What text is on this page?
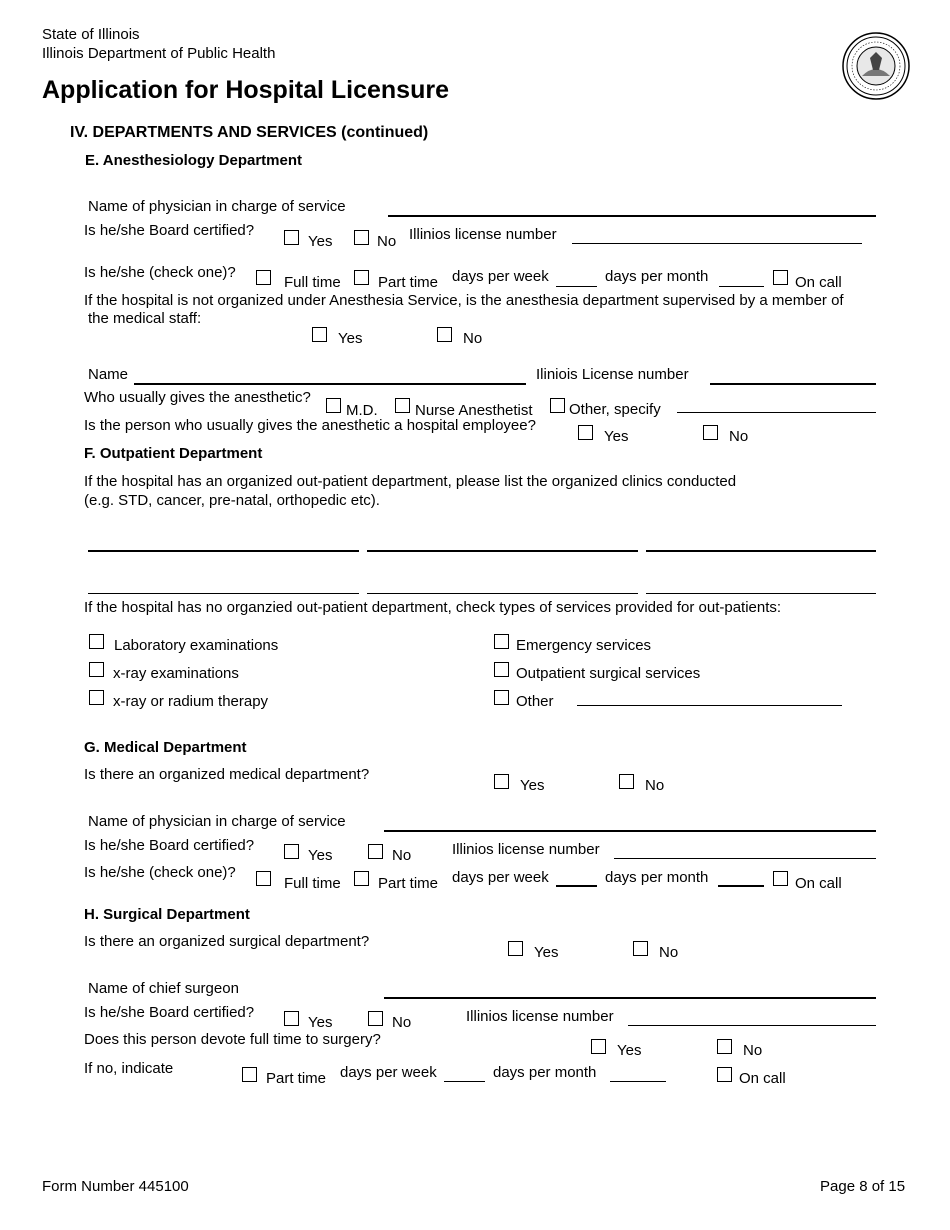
State of Illinois
Illinois Department of Public Health
Application for Hospital Licensure
IV. DEPARTMENTS AND SERVICES (continued)
E. Anesthesiology Department
Name of physician in charge of service
Is he/she Board certified?
Yes	No Illinios license number
Is he/she (check one)?
Full time Part time days per week	days per month	On call
If the hospital is not organized under Anesthesia Service, is the anesthesia department supervised by a member of
the medical staff:
Yes	No
Name	Iliniois License number
Who usually gives the anesthetic?
M.D. Nurse Anesthetist Other, specify
Is the person who usually gives the anesthetic a hospital employee?
Yes	No
F. Outpatient Department
If the hospital has an organized out-patient department, please list the organized clinics conducted
(e.g. STD, cancer, pre-natal, orthopedic etc).
If the hospital has no organzied out-patient department, check types of services provided for out-patients:
Laboratory examinations
x-ray examinations
x-ray or radium therapy
Emergency services
Outpatient surgical services
Other
G. Medical Department
Is there an organized medical department?
Yes	No
Name of physician in charge of service
Is he/she Board certified?
Yes	No	Illinios license number
Is he/she (check one)?
Full time Part time days per week	days per month	On call
H. Surgical Department
Is there an organized surgical department?
Yes	No
Name of chief surgeon
Is he/she Board certified?
Yes	No	Illinios license number
Does this person devote full time to surgery?
Yes	No
If no, indicate
Part time days per week	days per month	On call
Form Number 445100	Page 8 of 15
